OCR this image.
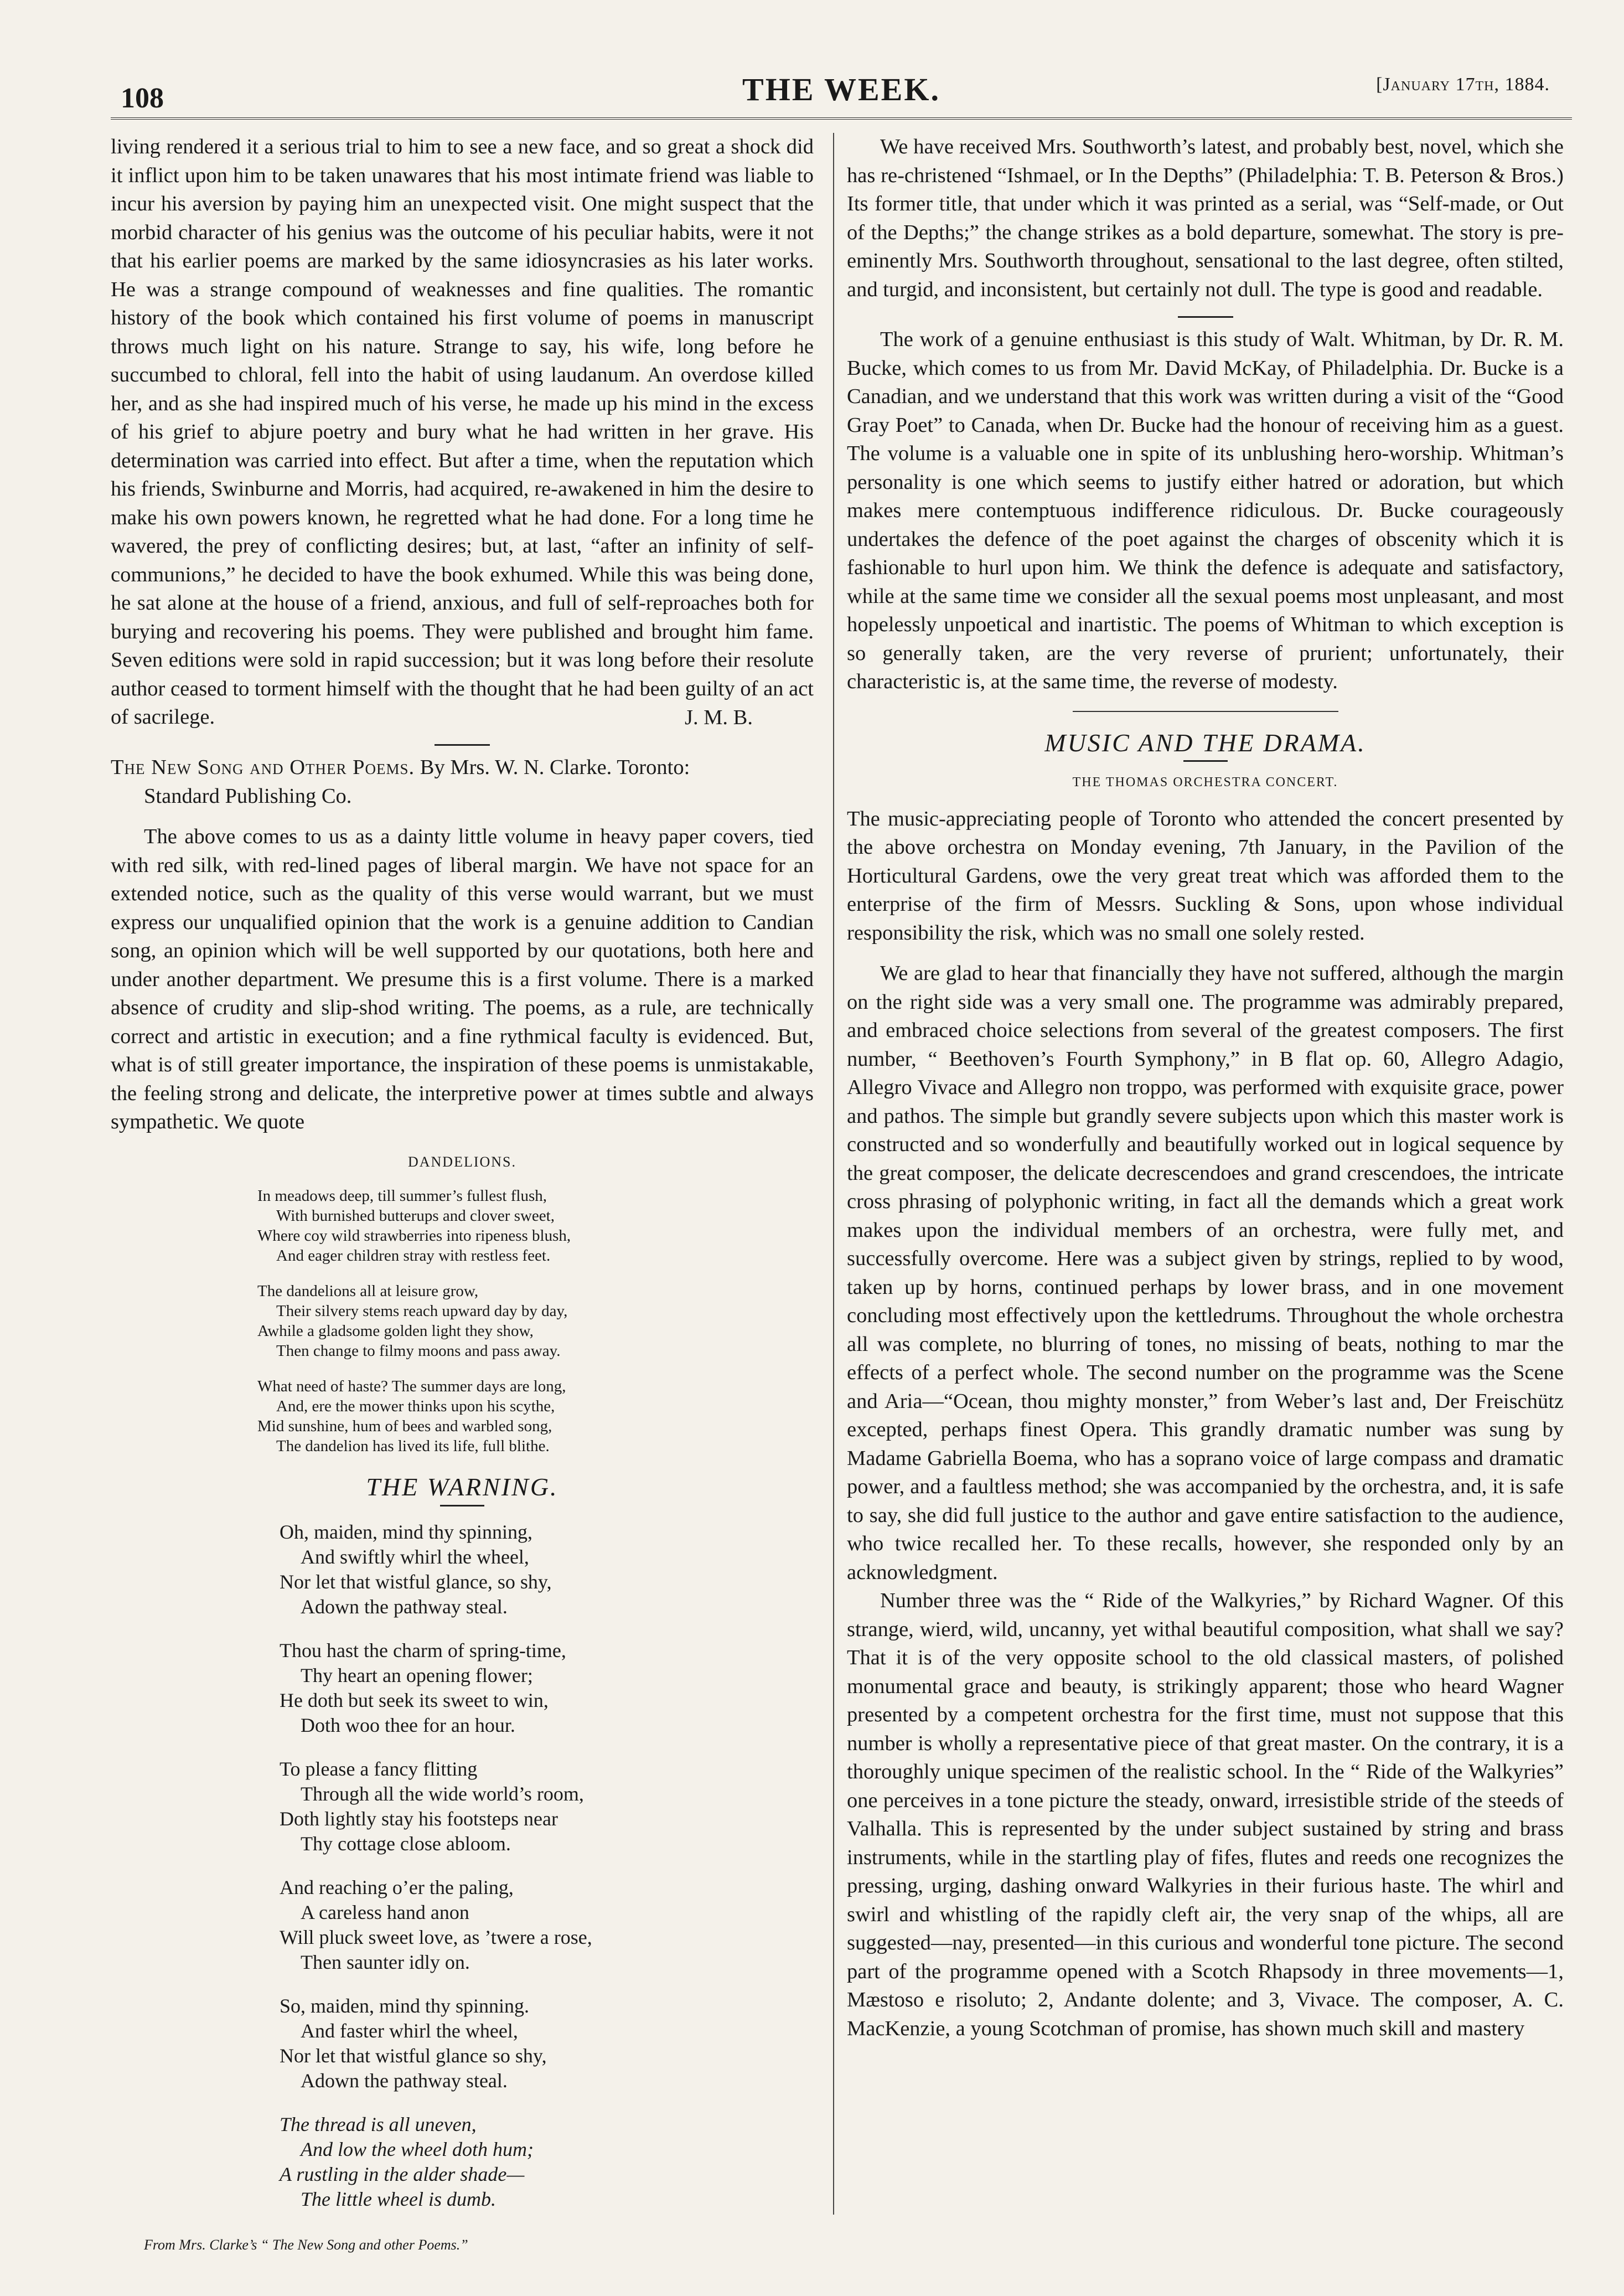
108	THE WEEK.	[January 17th, 1884.

living rendered it a serious trial to him to see a new face, and so great a shock did it inflict upon him to be taken unawares that his most intimate friend was liable to incur his aversion by paying him an unexpected visit. One might suspect that the morbid character of his genius was the outcome of his peculiar habits, were it not that his earlier poems are marked by the same idiosyncrasies as his later works. He was a strange compound of weaknesses and fine qualities. The romantic history of the book which contained his first volume of poems in manuscript throws much light on his nature. Strange to say, his wife, long before he succumbed to chloral, fell into the habit of using laudanum. An overdose killed her, and as she had inspired much of his verse, he made up his mind in the excess of his grief to abjure poetry and bury what he had written in her grave. His determination was carried into effect. But after a time, when the reputation which his friends, Swinburne and Morris, had acquired, re-awakened in him the desire to make his own powers known, he regretted what he had done. For a long time he wavered, the prey of conflicting desires; but, at last, “after an infinity of self-communions,” he decided to have the book exhumed. While this was being done, he sat alone at the house of a friend, anxious, and full of self-reproaches both for burying and recovering his poems. They were published and brought him fame. Seven editions were sold in rapid succession; but it was long before their resolute author ceased to torment himself with the thought that he had been guilty of an act of sacrilege.	J. M. B.

The New Song and Other Poems. By Mrs. W. N. Clarke. Toronto:
Standard Publishing Co.

The above comes to us as a dainty little volume in heavy paper covers, tied with red silk, with red-lined pages of liberal margin. We have not space for an extended notice, such as the quality of this verse would warrant, but we must express our unqualified opinion that the work is a genuine addition to Candian song, an opinion which will be well supported by our quotations, both here and under another department. We presume this is a first volume. There is a marked absence of crudity and slip-shod writing. The poems, as a rule, are technically correct and artistic in execution; and a fine rythmical faculty is evidenced. But, what is of still greater importance, the inspiration of these poems is unmistakable, the feeling strong and delicate, the interpretive power at times subtle and always sympathetic. We quote

DANDELIONS.
In meadows deep, till summer’s fullest flush,
With burnished butterups and clover sweet,
Where coy wild strawberries into ripeness blush,
And eager children stray with restless feet.
The dandelions all at leisure grow,
Their silvery stems reach upward day by day,
Awhile a gladsome golden light they show,
Then change to filmy moons and pass away.
What need of haste? The summer days are long,
And, ere the mower thinks upon his scythe,
Mid sunshine, hum of bees and warbled song,
The dandelion has lived its life, full blithe.
THE WARNING.
Oh, maiden, mind thy spinning,
And swiftly whirl the wheel,
Nor let that wistful glance, so shy,
Adown the pathway steal.
Thou hast the charm of spring-time,
Thy heart an opening flower;
He doth but seek its sweet to win,
Doth woo thee for an hour.
To please a fancy flitting
Through all the wide world’s room,
Doth lightly stay his footsteps near
Thy cottage close abloom.
And reaching o’er the paling,
A careless hand anon
Will pluck sweet love, as ’twere a rose,
Then saunter idly on.
So, maiden, mind thy spinning.
And faster whirl the wheel,
Nor let that wistful glance so shy,
Adown the pathway steal.
The thread is all uneven,
And low the wheel doth hum;
A rustling in the alder shade—
The little wheel is dumb.
From Mrs. Clarke’s “ The New Song and other Poems.”

We have received Mrs. Southworth’s latest, and probably best, novel, which she has re-christened “Ishmael, or In the Depths” (Philadelphia: T. B. Peterson & Bros.) Its former title, that under which it was printed as a serial, was “Self-made, or Out of the Depths;” the change strikes as a bold departure, somewhat. The story is pre-eminently Mrs. Southworth throughout, sensational to the last degree, often stilted, and turgid, and inconsistent, but certainly not dull. The type is good and readable.

The work of a genuine enthusiast is this study of Walt. Whitman, by Dr. R. M. Bucke, which comes to us from Mr. David McKay, of Philadelphia. Dr. Bucke is a Canadian, and we understand that this work was written during a visit of the “Good Gray Poet” to Canada, when Dr. Bucke had the honour of receiving him as a guest. The volume is a valuable one in spite of its unblushing hero-worship. Whitman’s personality is one which seems to justify either hatred or adoration, but which makes mere contemptuous indifference ridiculous. Dr. Bucke courageously undertakes the defence of the poet against the charges of obscenity which it is fashionable to hurl upon him. We think the defence is adequate and satisfactory, while at the same time we consider all the sexual poems most unpleasant, and most hopelessly unpoetical and inartistic. The poems of Whitman to which exception is so generally taken, are the very reverse of prurient; unfortunately, their characteristic is, at the same time, the reverse of modesty.

MUSIC AND THE DRAMA.
THE THOMAS ORCHESTRA CONCERT.

The music-appreciating people of Toronto who attended the concert presented by the above orchestra on Monday evening, 7th January, in the Pavilion of the Horticultural Gardens, owe the very great treat which was afforded them to the enterprise of the firm of Messrs. Suckling & Sons, upon whose individual responsibility the risk, which was no small one solely rested.

We are glad to hear that financially they have not suffered, although the margin on the right side was a very small one. The programme was admirably prepared, and embraced choice selections from several of the greatest composers. The first number, “ Beethoven’s Fourth Symphony,” in B flat op. 60, Allegro Adagio, Allegro Vivace and Allegro non troppo, was performed with exquisite grace, power and pathos. The simple but grandly severe subjects upon which this master work is constructed and so wonderfully and beautifully worked out in logical sequence by the great composer, the delicate decrescendoes and grand crescendoes, the intricate cross phrasing of polyphonic writing, in fact all the demands which a great work makes upon the individual members of an orchestra, were fully met, and successfully overcome. Here was a subject given by strings, replied to by wood, taken up by horns, continued perhaps by lower brass, and in one movement concluding most effectively upon the kettledrums. Throughout the whole orchestra all was complete, no blurring of tones, no missing of beats, nothing to mar the effects of a perfect whole. The second number on the programme was the Scene and Aria—“Ocean, thou mighty monster,” from Weber’s last and, Der Freischütz excepted, perhaps finest Opera. This grandly dramatic number was sung by Madame Gabriella Boema, who has a soprano voice of large compass and dramatic power, and a faultless method; she was accompanied by the orchestra, and, it is safe to say, she did full justice to the author and gave entire satisfaction to the audience, who twice recalled her. To these recalls, however, she responded only by an acknowledgment.

Number three was the “ Ride of the Walkyries,” by Richard Wagner. Of this strange, wierd, wild, uncanny, yet withal beautiful composition, what shall we say? That it is of the very opposite school to the old classical masters, of polished monumental grace and beauty, is strikingly apparent; those who heard Wagner presented by a competent orchestra for the first time, must not suppose that this number is wholly a representative piece of that great master. On the contrary, it is a thoroughly unique specimen of the realistic school. In the “ Ride of the Walkyries” one perceives in a tone picture the steady, onward, irresistible stride of the steeds of Valhalla. This is represented by the under subject sustained by string and brass instruments, while in the startling play of fifes, flutes and reeds one recognizes the pressing, urging, dashing onward Walkyries in their furious haste. The whirl and swirl and whistling of the rapidly cleft air, the very snap of the whips, all are suggested—nay, presented—in this curious and wonderful tone picture. The second part of the programme opened with a Scotch Rhapsody in three movements—1, Mæstoso e risoluto; 2, Andante dolente; and 3, Vivace. The composer, A. C. MacKenzie, a young Scotchman of promise, has shown much skill and mastery
